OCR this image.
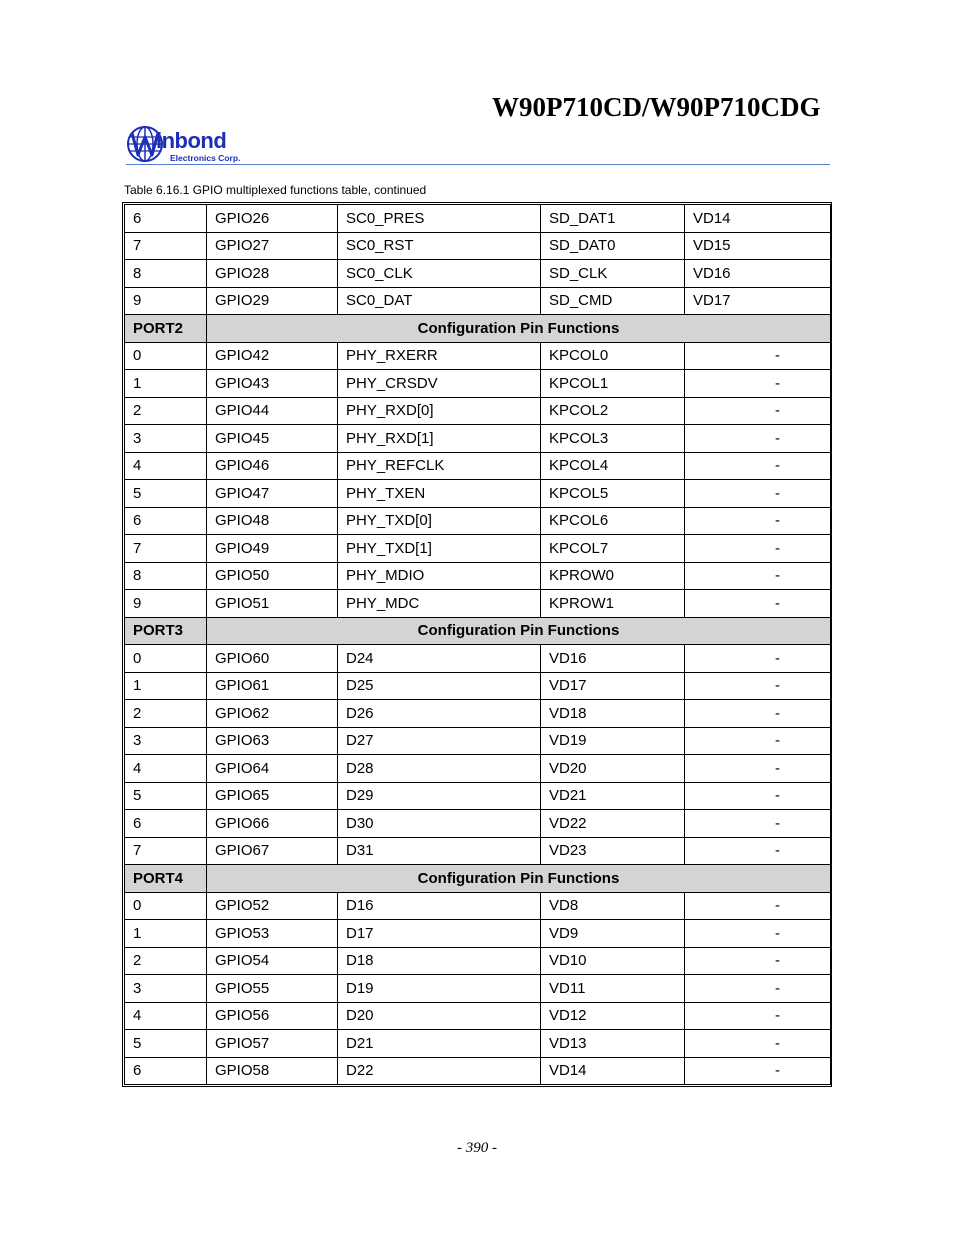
W90P710CD/W90P710CDG
inbond
Electronics Corp.
Table 6.16.1 GPIO multiplexed functions table, continued
6	GPIO26	SC0_PRES	SD_DAT1	VD14
7	GPIO27	SC0_RST	SD_DAT0	VD15
8	GPIO28	SC0_CLK	SD_CLK	VD16
9	GPIO29	SC0_DAT	SD_CMD	VD17
PORT2	Configuration Pin Functions			
0	GPIO42	PHY_RXERR	KPCOL0	-
1	GPIO43	PHY_CRSDV	KPCOL1	-
2	GPIO44	PHY_RXD[0]	KPCOL2	-
3	GPIO45	PHY_RXD[1]	KPCOL3	-
4	GPIO46	PHY_REFCLK	KPCOL4	-
5	GPIO47	PHY_TXEN	KPCOL5	-
6	GPIO48	PHY_TXD[0]	KPCOL6	-
7	GPIO49	PHY_TXD[1]	KPCOL7	-
8	GPIO50	PHY_MDIO	KPROW0	-
9	GPIO51	PHY_MDC	KPROW1	-
PORT3	Configuration Pin Functions			
0	GPIO60	D24	VD16	-
1	GPIO61	D25	VD17	-
2	GPIO62	D26	VD18	-
3	GPIO63	D27	VD19	-
4	GPIO64	D28	VD20	-
5	GPIO65	D29	VD21	-
6	GPIO66	D30	VD22	-
7	GPIO67	D31	VD23	-
PORT4	Configuration Pin Functions			
0	GPIO52	D16	VD8	-
1	GPIO53	D17	VD9	-
2	GPIO54	D18	VD10	-
3	GPIO55	D19	VD11	-
4	GPIO56	D20	VD12	-
5	GPIO57	D21	VD13	-
6	GPIO58	D22	VD14	-
- 390 -
